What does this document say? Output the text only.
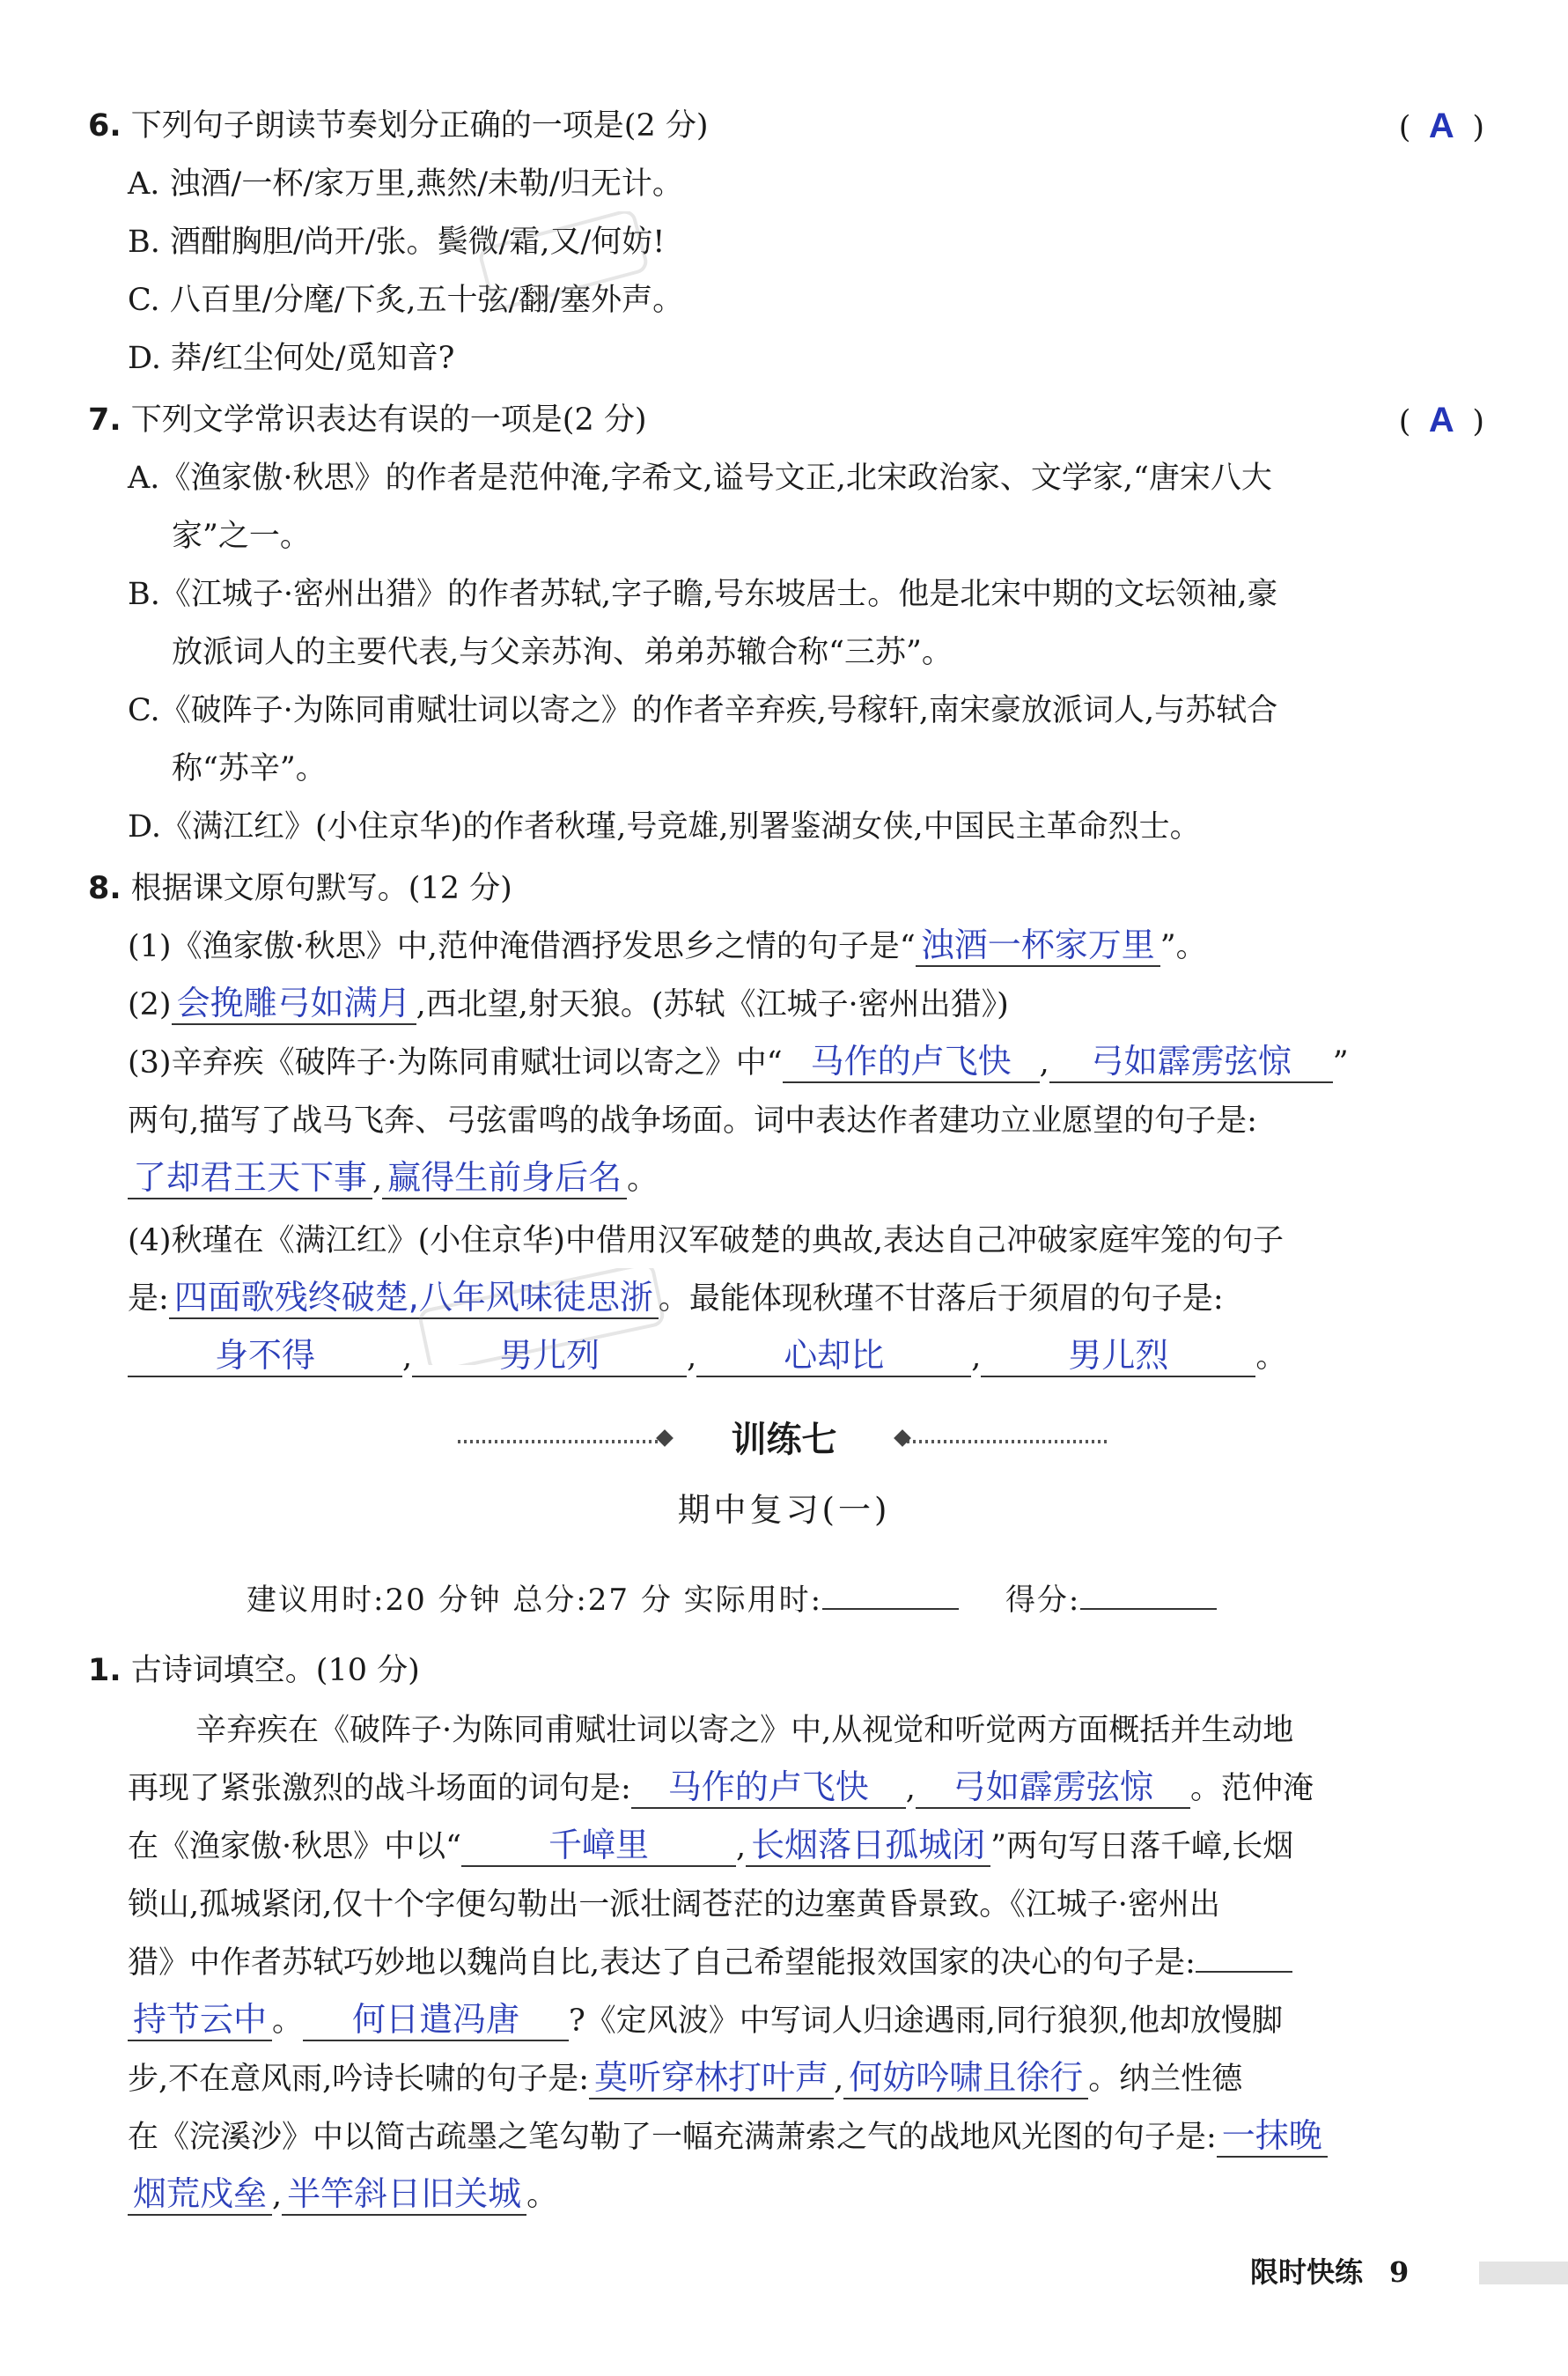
6. 下列句子朗读节奏划分正确的一项是(2 分)	( A )
A. 浊酒/一杯/家万里,燕然/未勒/归无计。
B. 酒酣胸胆/尚开/张。鬓微/霜,又/何妨!
C. 八百里/分麾/下炙,五十弦/翻/塞外声。
D. 莽/红尘何处/觅知音?
7. 下列文学常识表达有误的一项是(2 分)	( A )
A.《渔家傲·秋思》的作者是范仲淹,字希文,谥号文正,北宋政治家、文学家,“唐宋八大
家”之一。
B.《江城子·密州出猎》的作者苏轼,字子瞻,号东坡居士。他是北宋中期的文坛领袖,豪
放派词人的主要代表,与父亲苏洵、弟弟苏辙合称“三苏”。
C.《破阵子·为陈同甫赋壮词以寄之》的作者辛弃疾,号稼轩,南宋豪放派词人,与苏轼合
称“苏辛”。
D.《满江红》(小住京华)的作者秋瑾,号竞雄,别署鉴湖女侠,中国民主革命烈士。
8. 根据课文原句默写。(12 分)
(1)《渔家傲·秋思》中,范仲淹借酒抒发思乡之情的句子是“ 浊酒一杯家万里 ”。
(2) 会挽雕弓如满月 ,西北望,射天狼。(苏轼《江城子·密州出猎》)
(3)辛弃疾《破阵子·为陈同甫赋壮词以寄之》中“ 马作的卢飞快 , 弓如霹雳弦惊 ”
两句,描写了战马飞奔、弓弦雷鸣的战争场面。词中表达作者建功立业愿望的句子是:
了却君王天下事 , 赢得生前身后名 。
(4)秋瑾在《满江红》(小住京华)中借用汉军破楚的典故,表达自己冲破家庭牢笼的句子
是: 四面歌残终破楚,八年风味徒思浙 。最能体现秋瑾不甘落后于须眉的句子是:
身不得	,	男儿列	,	心却比	,	男儿烈	。
训练七
期中复习(一)
建议用时:20 分钟 总分:27 分 实际用时:	得分:
1. 古诗词填空。(10 分)
辛弃疾在《破阵子·为陈同甫赋壮词以寄之》中,从视觉和听觉两方面概括并生动地
再现了紧张激烈的战斗场面的词句是: 马作的卢飞快 , 弓如霹雳弦惊 。范仲淹
在《渔家傲·秋思》中以“	千嶂里	, 长烟落日孤城闭 ”两句写日落千嶂,长烟
锁山,孤城紧闭,仅十个字便勾勒出一派壮阔苍茫的边塞黄昏景致。《江城子·密州出
猎》中作者苏轼巧妙地以魏尚自比,表达了自己希望能报效国家的决心的句子是:
持节云中 。 何日遣冯唐 ?《定风波》中写词人归途遇雨,同行狼狈,他却放慢脚
步,不在意风雨,吟诗长啸的句子是: 莫听穿林打叶声 , 何妨吟啸且徐行 。纳兰性德
在《浣溪沙》中以简古疏墨之笔勾勒了一幅充满萧索之气的战地风光图的句子是: 一抹晚
烟荒戍垒 , 半竿斜日旧关城 。
限时快练 9
